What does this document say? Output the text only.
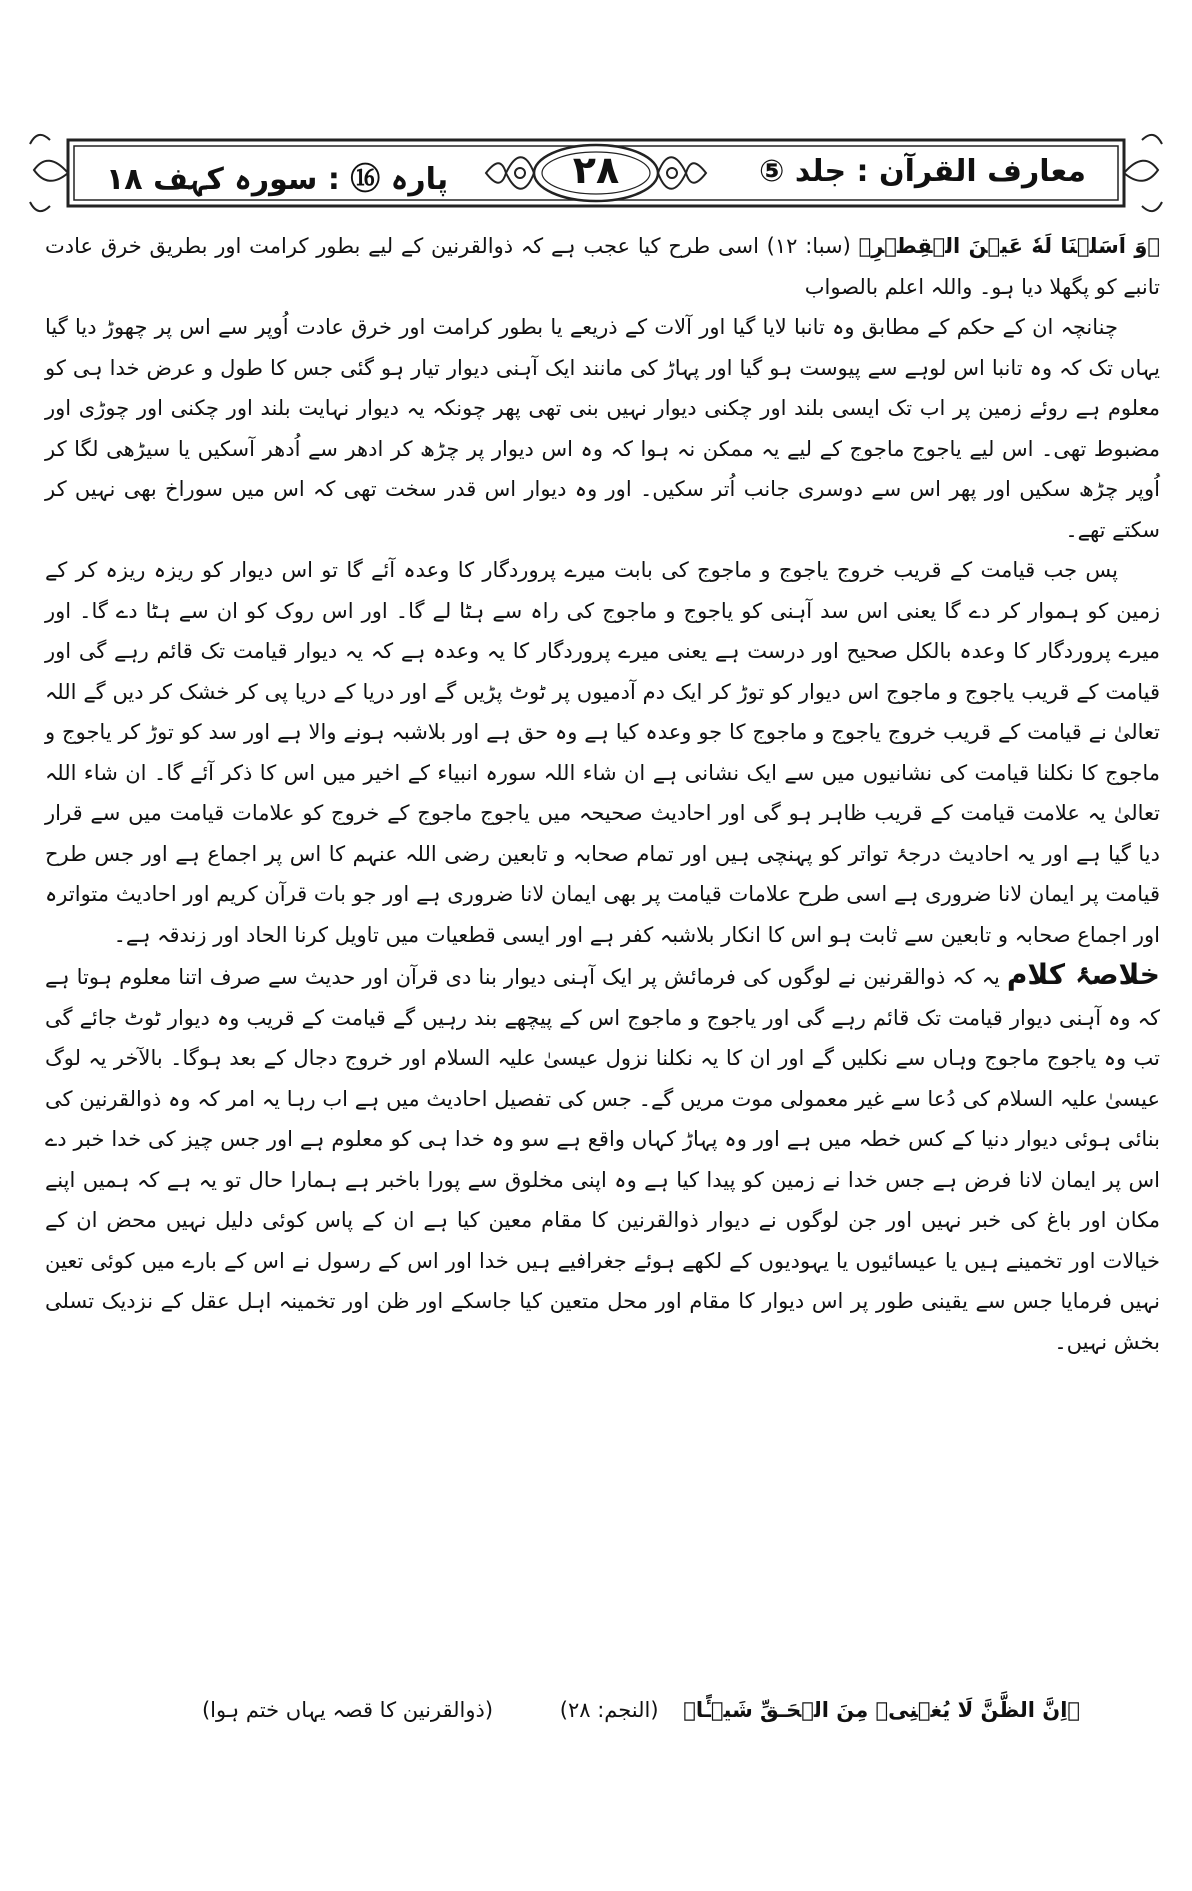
معارف القرآن : جلد ⑤
۲۸
پارہ ⑯ : سورہ کہف ۱۸

﴿وَ اَسَلۡنَا لَهٗ عَيۡنَ الۡقِطۡرِ﴾ (سبا: ۱۲) اسی طرح کیا عجب ہے کہ ذوالقرنین کے لیے بطور کرامت اور بطریق خرق عادت تانبے کو پگھلا دیا ہو۔ واللہ اعلم بالصواب

چنانچہ ان کے حکم کے مطابق وہ تانبا لایا گیا اور آلات کے ذریعے یا بطور کرامت اور خرق عادت اُوپر سے اس پر چھوڑ دیا گیا یہاں تک کہ وہ تانبا اس لوہے سے پیوست ہو گیا اور پہاڑ کی مانند ایک آہنی دیوار تیار ہو گئی جس کا طول و عرض خدا ہی کو معلوم ہے روئے زمین پر اب تک ایسی بلند اور چکنی دیوار نہیں بنی تھی پھر چونکہ یہ دیوار نہایت بلند اور چکنی اور چوڑی اور مضبوط تھی۔ اس لیے یاجوج ماجوج کے لیے یہ ممکن نہ ہوا کہ وہ اس دیوار پر چڑھ کر ادھر سے اُدھر آسکیں یا سیڑھی لگا کر اُوپر چڑھ سکیں اور پھر اس سے دوسری جانب اُتر سکیں۔ اور وہ دیوار اس قدر سخت تھی کہ اس میں سوراخ بھی نہیں کر سکتے تھے۔

پس جب قیامت کے قریب خروج یاجوج و ماجوج کی بابت میرے پروردگار کا وعدہ آئے گا تو اس دیوار کو ریزہ ریزہ کر کے زمین کو ہموار کر دے گا یعنی اس سد آہنی کو یاجوج و ماجوج کی راہ سے ہٹا لے گا۔ اور اس روک کو ان سے ہٹا دے گا۔ اور میرے پروردگار کا وعدہ بالکل صحیح اور درست ہے یعنی میرے پروردگار کا یہ وعدہ ہے کہ یہ دیوار قیامت تک قائم رہے گی اور قیامت کے قریب یاجوج و ماجوج اس دیوار کو توڑ کر ایک دم آدمیوں پر ٹوٹ پڑیں گے اور دریا کے دریا پی کر خشک کر دیں گے اللہ تعالیٰ نے قیامت کے قریب خروج یاجوج و ماجوج کا جو وعدہ کیا ہے وہ حق ہے اور بلاشبہ ہونے والا ہے اور سد کو توڑ کر یاجوج و ماجوج کا نکلنا قیامت کی نشانیوں میں سے ایک نشانی ہے ان شاء اللہ سورہ انبیاء کے اخیر میں اس کا ذکر آئے گا۔ ان شاء اللہ تعالیٰ یہ علامت قیامت کے قریب ظاہر ہو گی اور احادیث صحیحہ میں یاجوج ماجوج کے خروج کو علامات قیامت میں سے قرار دیا گیا ہے اور یہ احادیث درجۂ تواتر کو پہنچی ہیں اور تمام صحابہ و تابعین رضی اللہ عنہم کا اس پر اجماع ہے اور جس طرح قیامت پر ایمان لانا ضروری ہے اسی طرح علامات قیامت پر بھی ایمان لانا ضروری ہے اور جو بات قرآن کریم اور احادیث متواترہ اور اجماع صحابہ و تابعین سے ثابت ہو اس کا انکار بلاشبہ کفر ہے اور ایسی قطعیات میں تاویل کرنا الحاد اور زندقہ ہے۔

خلاصۂ کلام یہ کہ ذوالقرنین نے لوگوں کی فرمائش پر ایک آہنی دیوار بنا دی قرآن اور حدیث سے صرف اتنا معلوم ہوتا ہے کہ وہ آہنی دیوار قیامت تک قائم رہے گی اور یاجوج و ماجوج اس کے پیچھے بند رہیں گے قیامت کے قریب وہ دیوار ٹوٹ جائے گی تب وہ یاجوج ماجوج وہاں سے نکلیں گے اور ان کا یہ نکلنا نزول عیسیٰ علیہ السلام اور خروج دجال کے بعد ہوگا۔ بالآخر یہ لوگ عیسیٰ علیہ السلام کی دُعا سے غیر معمولی موت مریں گے۔ جس کی تفصیل احادیث میں ہے اب رہا یہ امر کہ وہ ذوالقرنین کی بنائی ہوئی دیوار دنیا کے کس خطہ میں ہے اور وہ پہاڑ کہاں واقع ہے سو وہ خدا ہی کو معلوم ہے اور جس چیز کی خدا خبر دے اس پر ایمان لانا فرض ہے جس خدا نے زمین کو پیدا کیا ہے وہ اپنی مخلوق سے پورا باخبر ہے ہمارا حال تو یہ ہے کہ ہمیں اپنے مکان اور باغ کی خبر نہیں اور جن لوگوں نے دیوار ذوالقرنین کا مقام معین کیا ہے ان کے پاس کوئی دلیل نہیں محض ان کے خیالات اور تخمینے ہیں یا عیسائیوں یا یہودیوں کے لکھے ہوئے جغرافیے ہیں خدا اور اس کے رسول نے اس کے بارے میں کوئی تعین نہیں فرمایا جس سے یقینی طور پر اس دیوار کا مقام اور محل متعین کیا جاسکے اور ظن اور تخمینہ اہل عقل کے نزدیک تسلی بخش نہیں۔

﴿اِنَّ الظَّنَّ لَا يُغۡنِىۡ مِنَ الۡحَـقِّ شَيۡـًٔا﴾ (النجم: ۲۸) (ذوالقرنین کا قصہ یہاں ختم ہوا)
